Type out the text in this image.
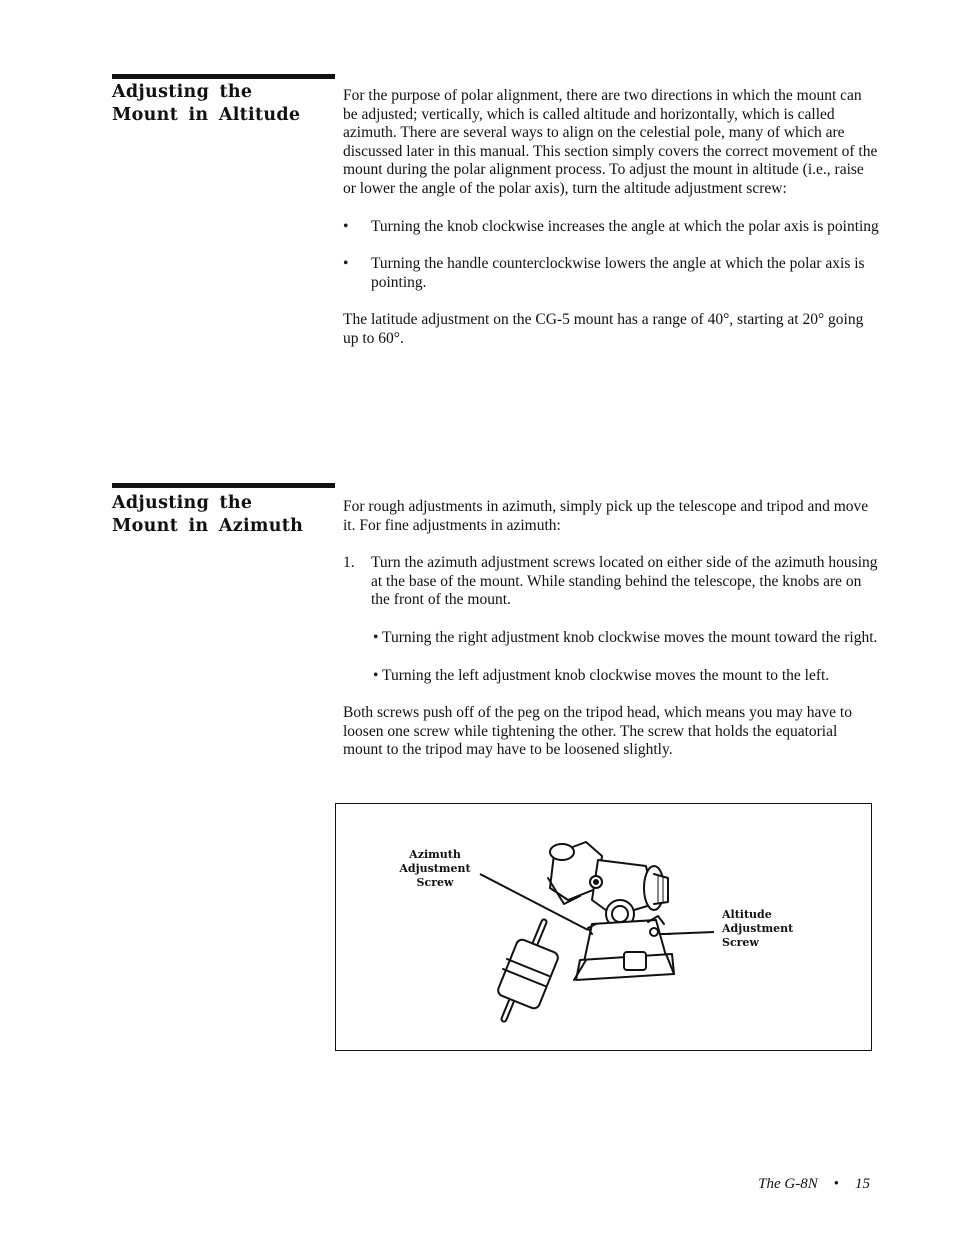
Adjusting the Mount in Altitude

For the purpose of polar alignment, there are two directions in which the mount can be adjusted; vertically, which is called altitude and horizontally, which is called azimuth. There are several ways to align on the celestial pole, many of which are discussed later in this manual. This section simply covers the correct movement of the mount during the polar alignment process. To adjust the mount in altitude (i.e., raise or lower the angle of the polar axis), turn the altitude adjustment screw:

• Turning the knob clockwise increases the angle at which the polar axis is pointing
• Turning the handle counterclockwise lowers the angle at which the polar axis is pointing.

The latitude adjustment on the CG-5 mount has a range of 40°, starting at 20° going up to 60°.

Adjusting the Mount in Azimuth

For rough adjustments in azimuth, simply pick up the telescope and tripod and move it. For fine adjustments in azimuth:

1. Turn the azimuth adjustment screws located on either side of the azimuth housing at the base of the mount. While standing behind the telescope, the knobs are on the front of the mount.
• Turning the right adjustment knob clockwise moves the mount toward the right.
• Turning the left adjustment knob clockwise moves the mount to the left.

Both screws push off of the peg on the tripod head, which means you may have to loosen one screw while tightening the other. The screw that holds the equatorial mount to the tripod may have to be loosened slightly.

Azimuth
Adjustment
Screw
Altitude
Adjustment
Screw
The G-8N • 15
